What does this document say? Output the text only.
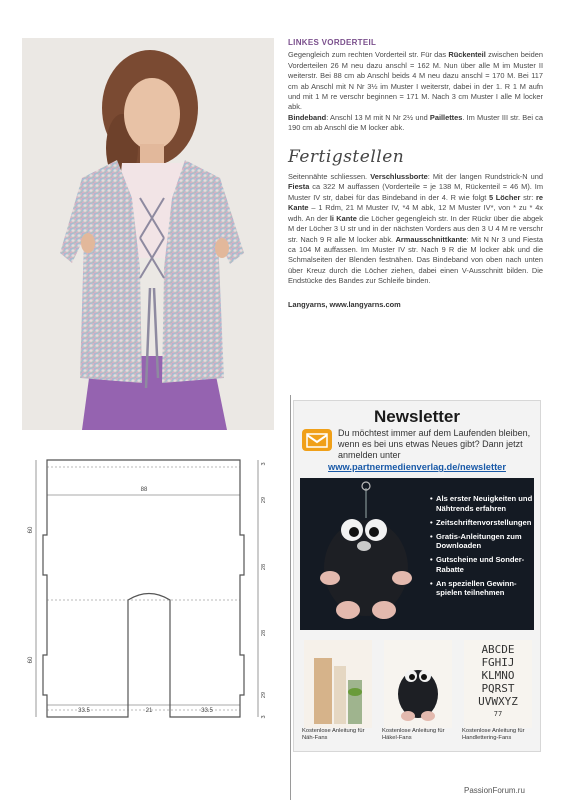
LINKES VORDERTEIL

Gegengleich zum rechten Vorderteil str. Für das Rückenteil zwischen beiden Vorderteilen 26 M neu dazu anschl = 162 M. Nun über alle M im Muster II weiterstr. Bei 88 cm ab Anschl beids 4 M neu dazu anschl = 170 M. Bei 117 cm ab Anschl mit N Nr 3½ im Muster I weiterstr, dabei in der 1. R 1 M aufn und mit 1 M re verschr beginnen = 171 M. Nach 3 cm Muster I alle M locker abk.

Bindeband: Anschl 13 M mit N Nr 2½ und Paillettes. Im Muster III str. Bei ca 190 cm ab Anschl die M locker abk.

Fertigstellen

Seitennähte schliessen. Verschlussborte: Mit der langen Rundstrick-N und Fiesta ca 322 M auffassen (Vorderteile = je 138 M, Rückenteil = 46 M). Im Muster IV str, dabei für das Bindeband in der 4. R wie folgt 5 Löcher str: re Kante – 1 Rdm, 21 M Muster IV, *4 M abk, 12 M Muster IV*, von * zu * 4x wdh. An der li Kante die Löcher gegengleich str. In der Rückr über die abgek M der Löcher 3 U str und in der nächsten Vorders aus den 3 U 4 M re verschr str. Nach 9 R alle M locker abk. Armausschnittkante: Mit N Nr 3 und Fiesta ca 104 M auffassen. Im Muster IV str. Nach 9 R die M locker abk und die Schmalseiten der Blenden festnähen. Das Bindeband von oben nach unten über Kreuz durch die Löcher ziehen, dabei einen V-Ausschnitt bilden. Die Endstücke des Bandes zur Schleife binden.

Langyarns, www.langyarns.com
88
33.5	21	33.5
60
60
3
29
28
28
29
3
Newsletter
Du möchtest immer auf dem Laufenden bleiben, wenn es bei uns etwas Neues gibt? Dann jetzt anmelden unter
www.partnermedienverlag.de/newsletter
• Als erster Neuigkeiten und Nähtrends erfahren
• Zeitschriftenvorstellungen
• Gratis-Anleitungen zum Downloaden
• Gutscheine und Sonder-Rabatte
• An speziellen Gewinn-spielen teilnehmen
Kostenlose Anleitung für Näh-Fans
Kostenlose Anleitung für Häkel-Fans
ABCDE FGHIJ KLMNO PQRST UVWXYZ
77
Kostenlose Anleitung für Handlettering-Fans
PassionForum.ru
